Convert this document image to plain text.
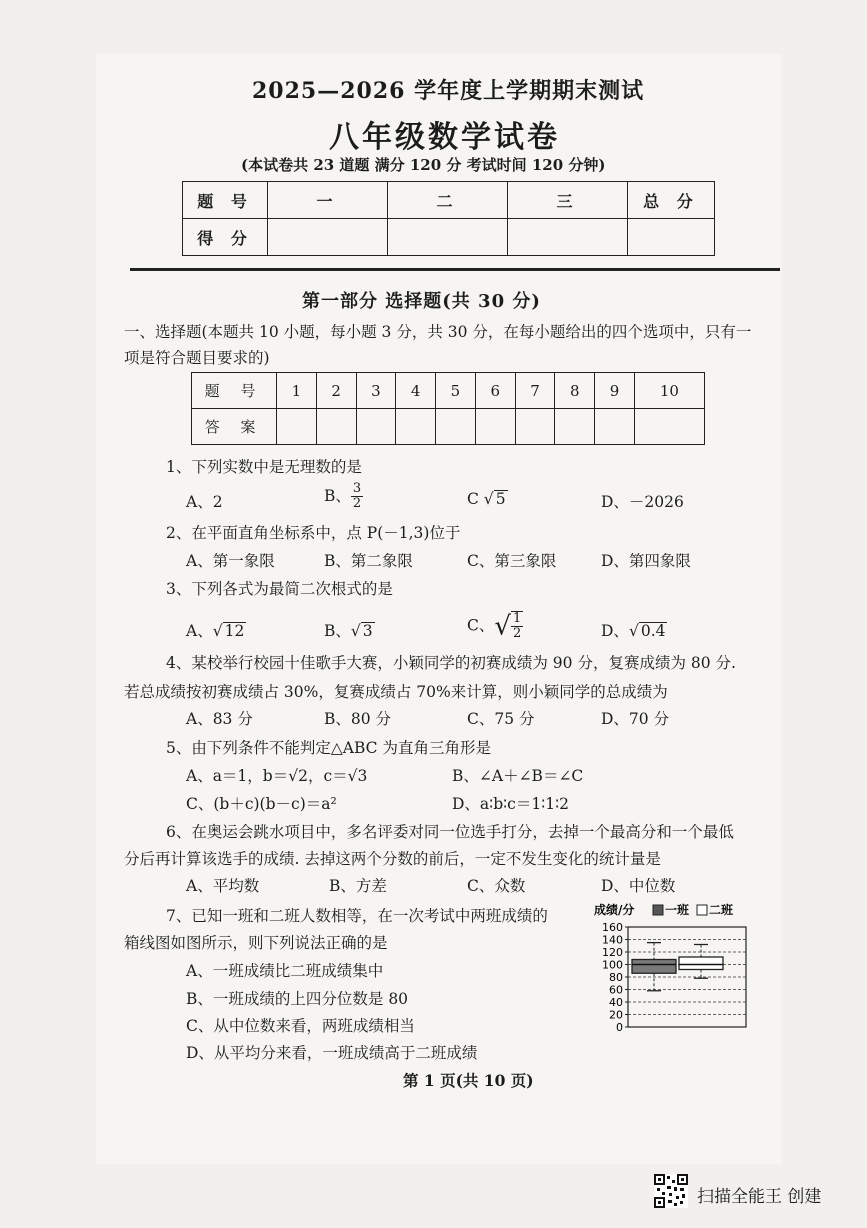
2025—2026 学年度上学期期末测试
八年级数学试卷
(本试卷共 23 道题 满分 120 分 考试时间 120 分钟)
题 号	一	二	三	总 分
得 分				
第一部分 选择题(共 30 分)
一、选择题(本题共 10 小题，每小题 3 分，共 30 分，在每小题给出的四个选项中，只有一
项是符合题目要求的)
题 号	1	2	3	4	5	6	7	8	9	10
答 案										
1、下列实数中是无理数的是
A、2	B、 $\frac{3}{2}$	C √ 5	D、－2026
2、在平面直角坐标系中，点 P(－1,3)位于
A、第一象限	B、第二象限	C、第三象限	D、第四象限
3、下列各式为最简二次根式的是
A、√ 12	B、√ 3	C、√ $\frac{1}{2}$	D、√ 0.4
4、某校举行校园十佳歌手大赛，小颖同学的初赛成绩为 90 分，复赛成绩为 80 分.
若总成绩按初赛成绩占 30%，复赛成绩占 70%来计算，则小颖同学的总成绩为
A、83 分	B、80 分	C、75 分	D、70 分
5、由下列条件不能判定△ABC 为直角三角形是
A、a＝1，b＝√2，c＝√3	B、∠A＋∠B＝∠C
C、(b＋c)(b－c)＝a²	D、a∶b∶c＝1∶1∶2
6、在奥运会跳水项目中，多名评委对同一位选手打分，去掉一个最高分和一个最低
分后再计算该选手的成绩. 去掉这两个分数的前后，一定不发生变化的统计量是
A、平均数	B、方差	C、众数	D、中位数
7、已知一班和二班人数相等，在一次考试中两班成绩的
箱线图如图所示，则下列说法正确的是
A、一班成绩比二班成绩集中
B、一班成绩的上四分位数是 80
C、从中位数来看，两班成绩相当
D、从平均分来看，一班成绩高于二班成绩
成绩/分	一班 二班
0
20
40
60
80
100
120
140
160
第 1 页(共 10 页)
扫描全能王 创建
